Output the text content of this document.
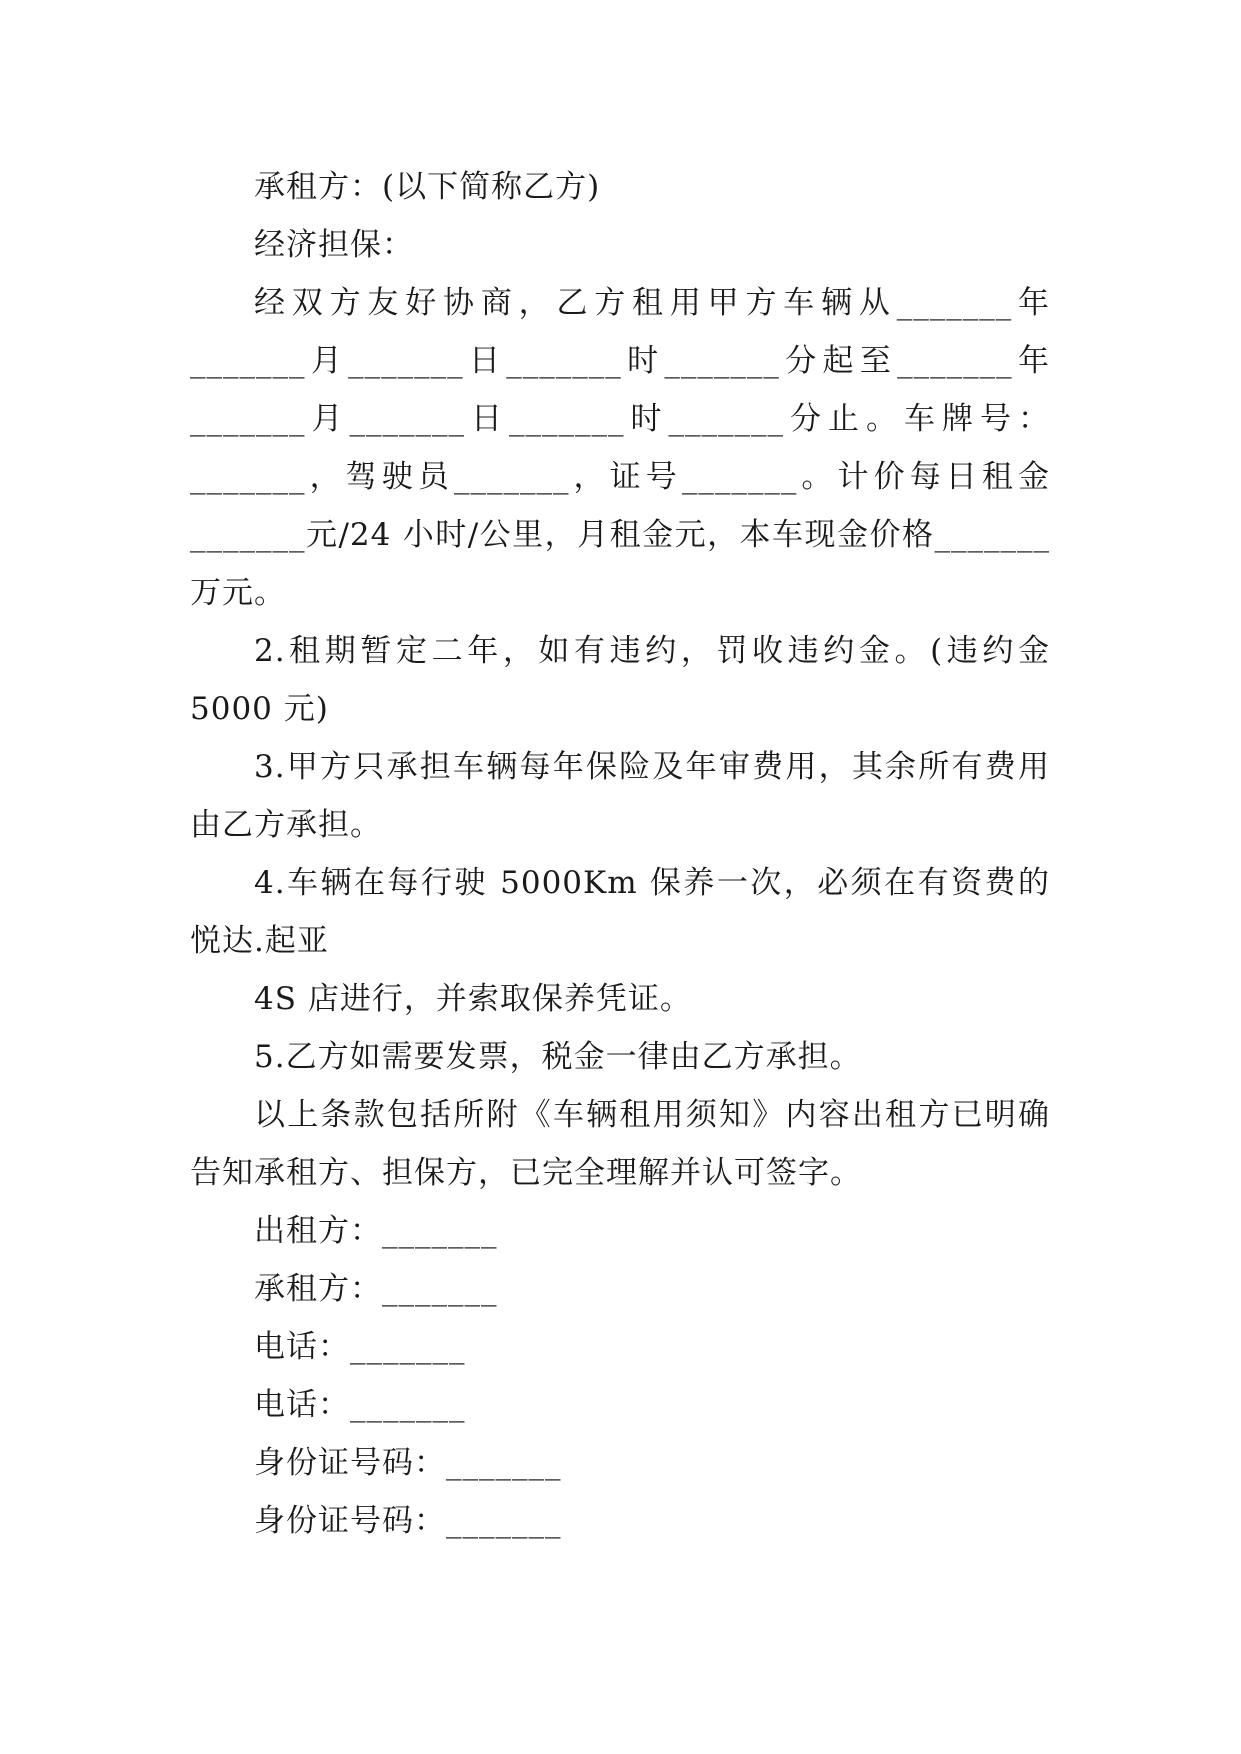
承租方：(以下简称乙方)

经济担保：

经双方友好协商，乙方租用甲方车辆从_______年_______月_______日_______时_______分起至_______年_______月_______日_______时_______分止。车牌号：_______，驾驶员_______，证号_______。计价每日租金_______元/24 小时/公里，月租金元，本车现金价格_______万元。

2.租期暂定二年，如有违约，罚收违约金。(违约金 5000 元)

3.甲方只承担车辆每年保险及年审费用，其余所有费用由乙方承担。

4.车辆在每行驶 5000Km 保养一次，必须在有资费的悦达.起亚

4S 店进行，并索取保养凭证。

5.乙方如需要发票，税金一律由乙方承担。

以上条款包括所附《车辆租用须知》内容出租方已明确告知承租方、担保方，已完全理解并认可签字。

出租方：_______

承租方：_______

电话：_______

电话：_______

身份证号码：_______

身份证号码：_______
